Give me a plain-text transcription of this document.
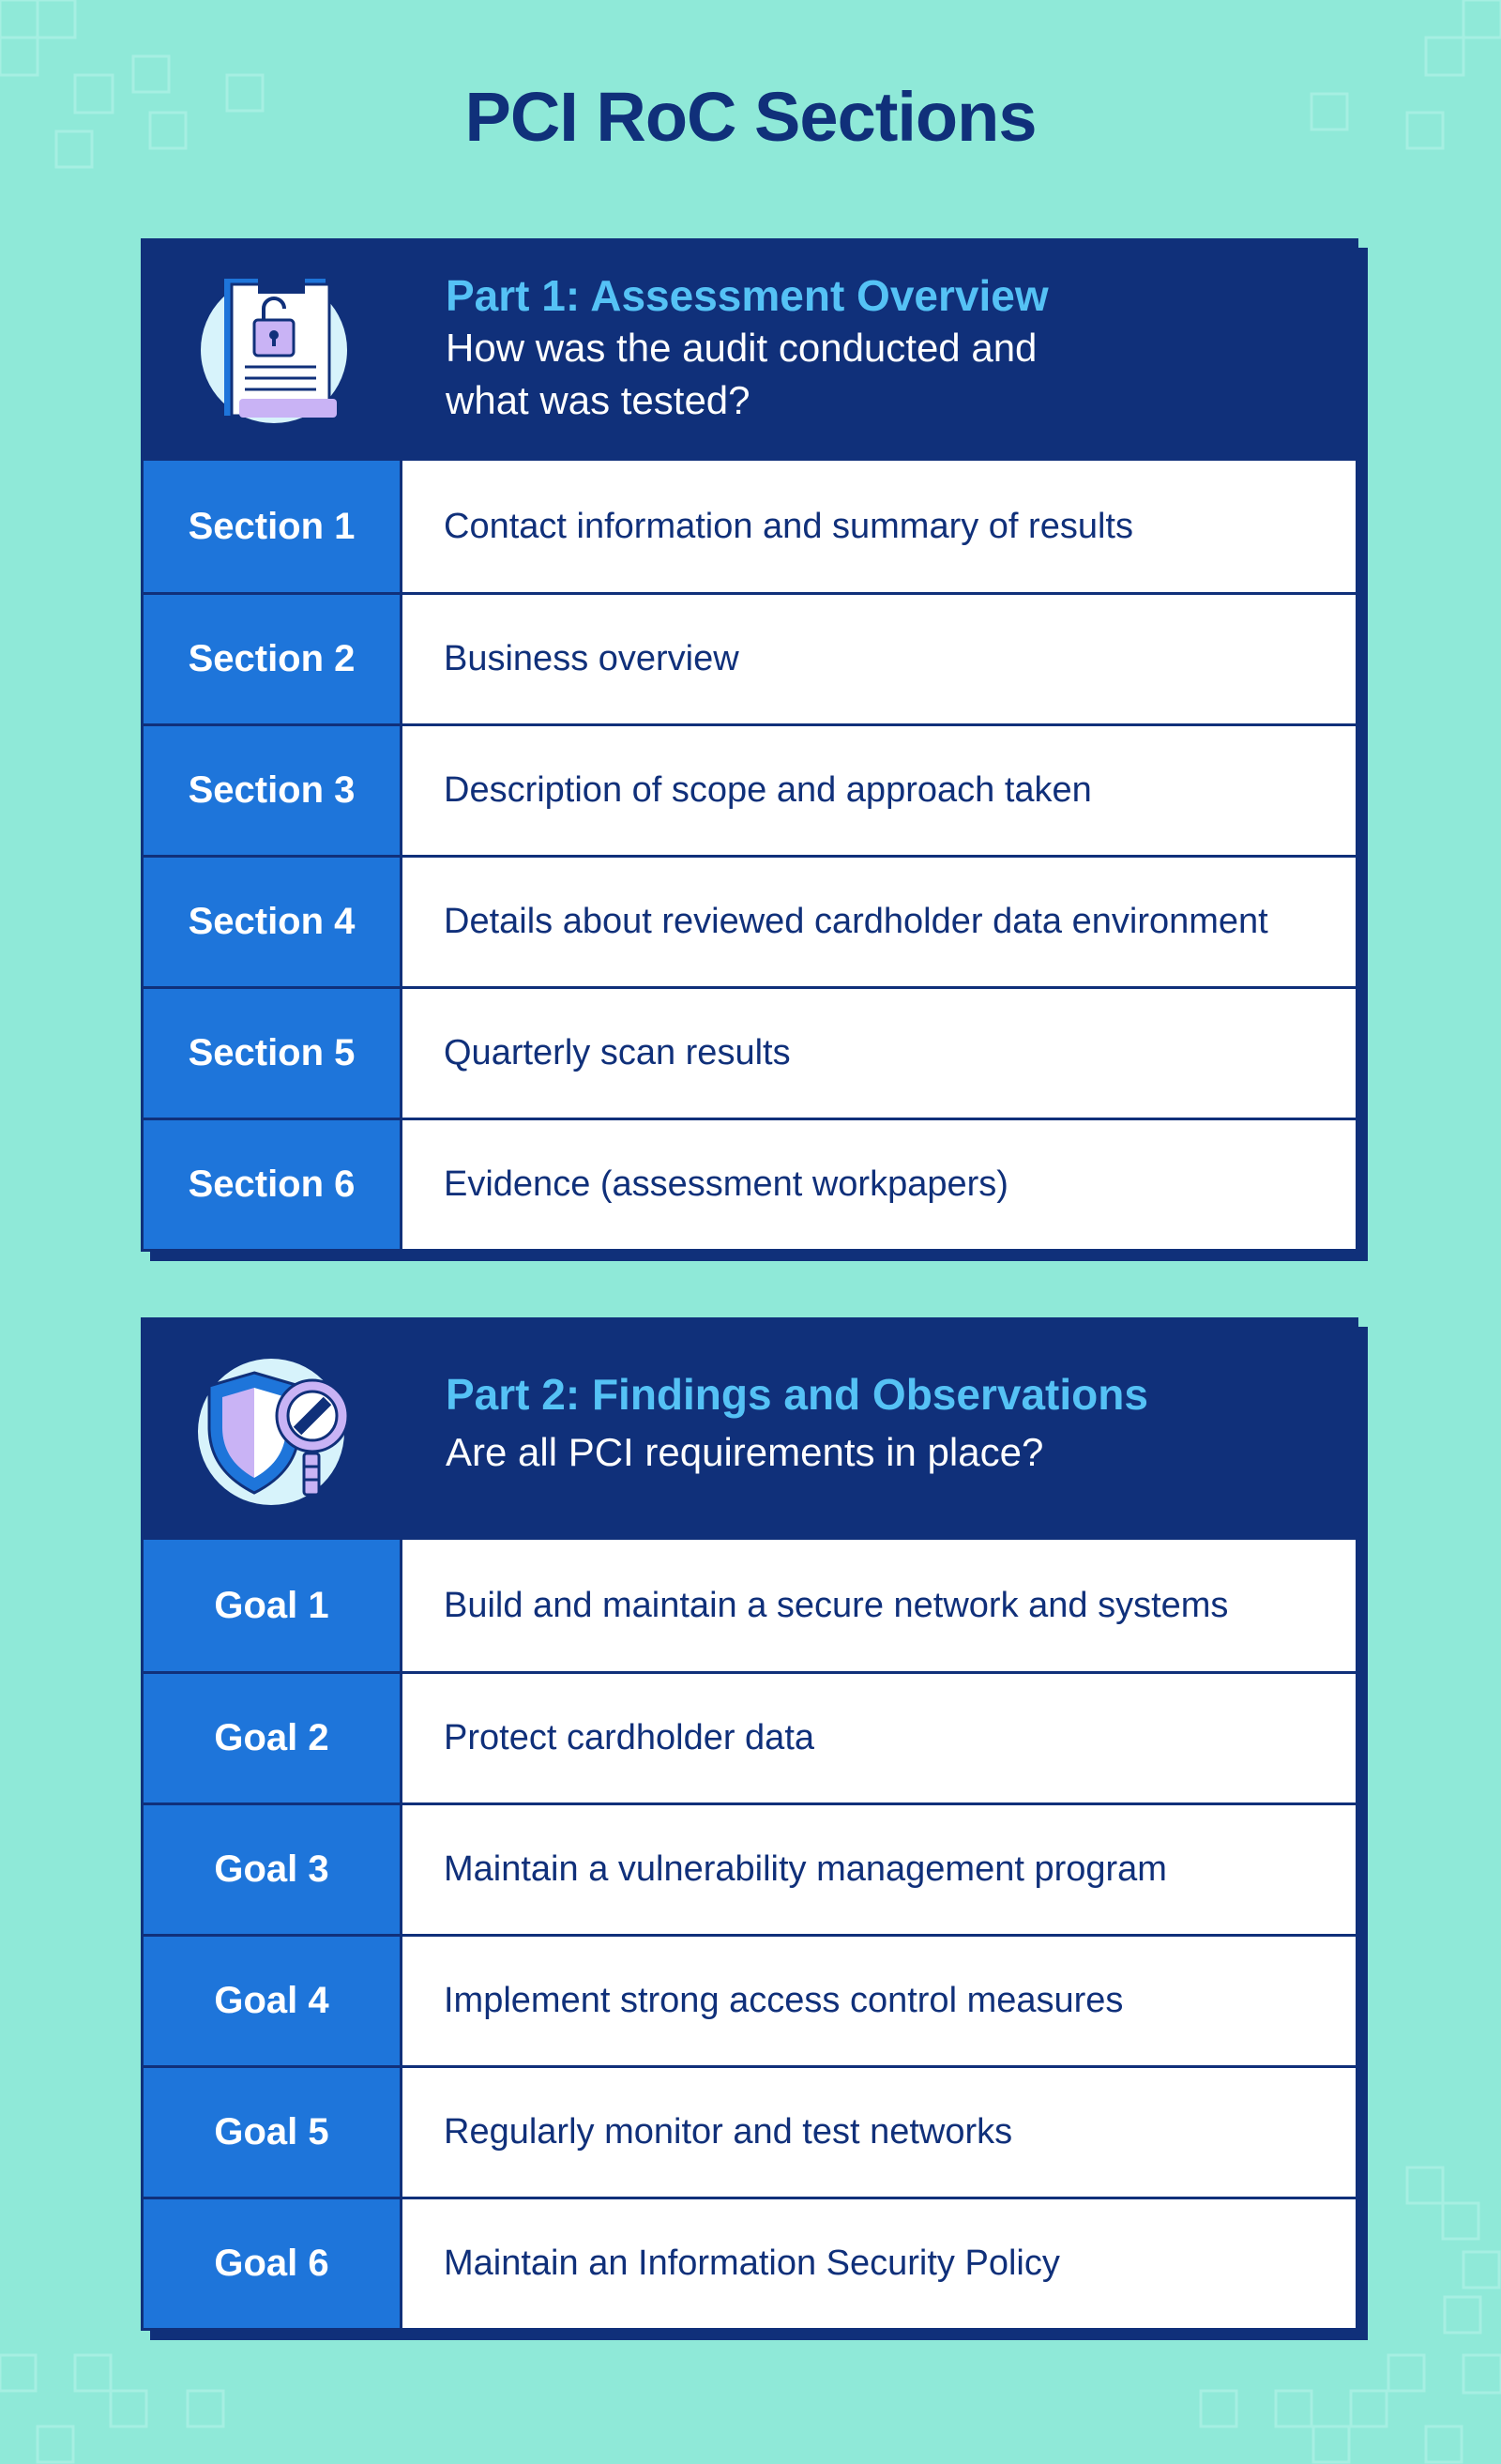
PCI RoC Sections
Part 1: Assessment Overview
How was the audit conducted and
what was tested?
Section 1	Contact information and summary of results
Section 2	Business overview
Section 3	Description of scope and approach taken
Section 4	Details about reviewed cardholder data environment
Section 5	Quarterly scan results
Section 6	Evidence (assessment workpapers)
Part 2: Findings and Observations
Are all PCI requirements in place?
Goal 1	Build and maintain a secure network and systems
Goal 2	Protect cardholder data
Goal 3	Maintain a vulnerability management program
Goal 4	Implement strong access control measures
Goal 5	Regularly monitor and test networks
Goal 6	Maintain an Information Security Policy
